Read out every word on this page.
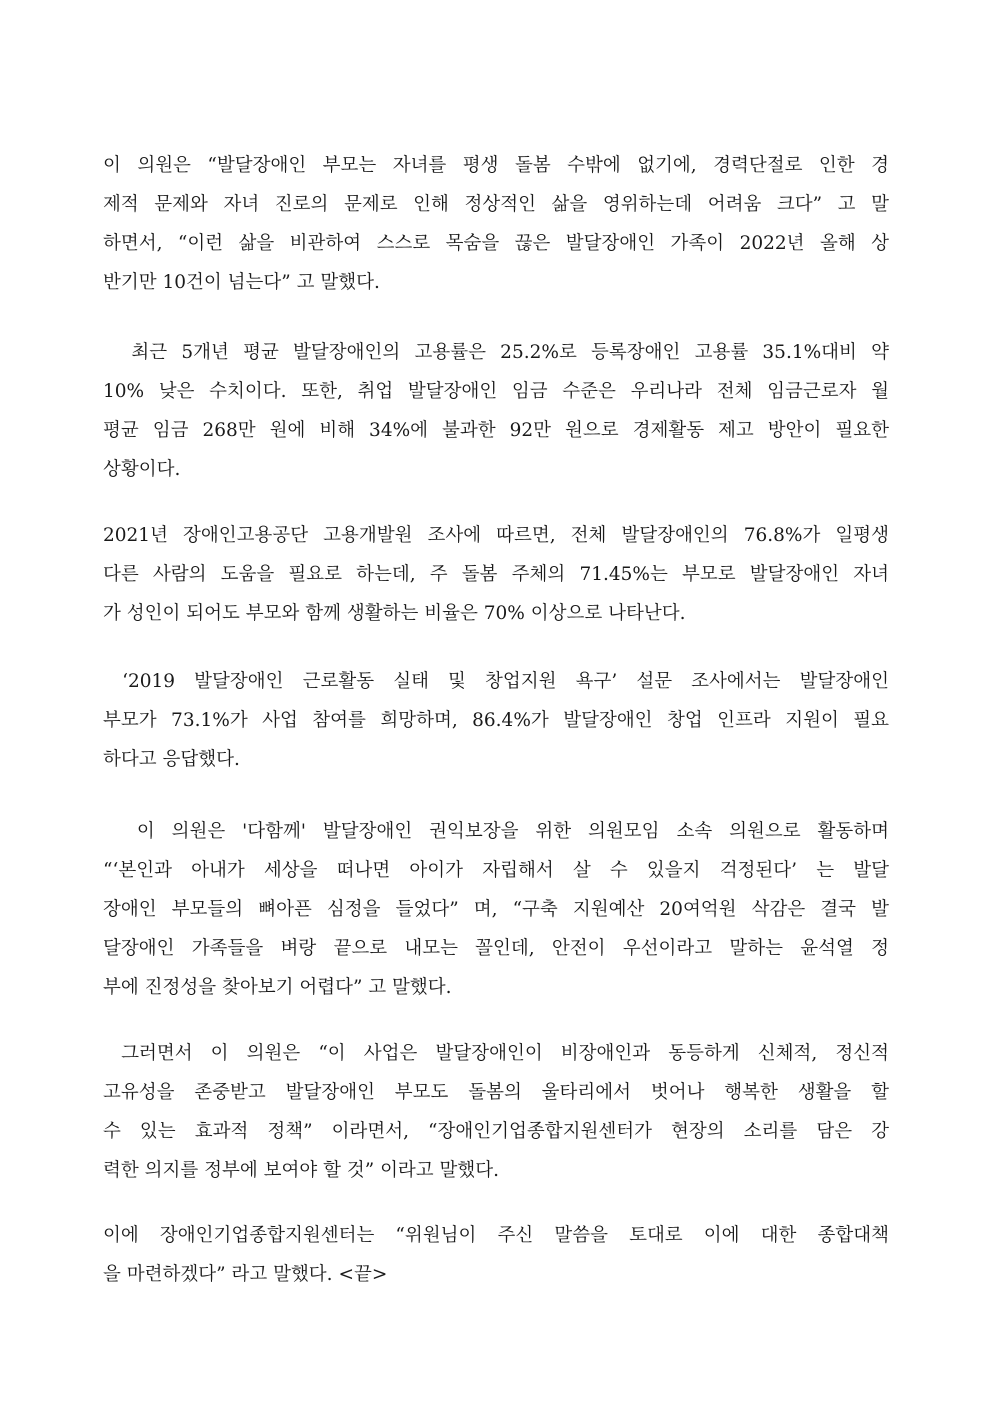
이 의원은 “발달장애인 부모는 자녀를 평생 돌봄 수밖에 없기에, 경력단절로 인한 경
제적 문제와 자녀 진로의 문제로 인해 정상적인 삶을 영위하는데 어려움 크다” 고 말
하면서, “이런 삶을 비관하여 스스로 목숨을 끊은 발달장애인 가족이 2022년 올해 상
반기만 10건이 넘는다” 고 말했다.
최근 5개년 평균 발달장애인의 고용률은 25.2%로 등록장애인 고용률 35.1%대비 약
10% 낮은 수치이다. 또한, 취업 발달장애인 임금 수준은 우리나라 전체 임금근로자 월
평균 임금 268만 원에 비해 34%에 불과한 92만 원으로 경제활동 제고 방안이 필요한
상황이다.
2021년 장애인고용공단 고용개발원 조사에 따르면, 전체 발달장애인의 76.8%가 일평생
다른 사람의 도움을 필요로 하는데, 주 돌봄 주체의 71.45%는 부모로 발달장애인 자녀
가 성인이 되어도 부모와 함께 생활하는 비율은 70% 이상으로 나타난다.
‘2019 발달장애인 근로활동 실태 및 창업지원 욕구’ 설문 조사에서는 발달장애인
부모가 73.1%가 사업 참여를 희망하며, 86.4%가 발달장애인 창업 인프라 지원이 필요
하다고 응답했다.
이 의원은 '다함께' 발달장애인 권익보장을 위한 의원모임 소속 의원으로 활동하며
“‘본인과 아내가 세상을 떠나면 아이가 자립해서 살 수 있을지 걱정된다’ 는 발달
장애인 부모들의 뼈아픈 심정을 들었다” 며, “구축 지원예산 20여억원 삭감은 결국 발
달장애인 가족들을 벼랑 끝으로 내모는 꼴인데, 안전이 우선이라고 말하는 윤석열 정
부에 진정성을 찾아보기 어렵다” 고 말했다.
그러면서 이 의원은 “이 사업은 발달장애인이 비장애인과 동등하게 신체적, 정신적
고유성을 존중받고 발달장애인 부모도 돌봄의 울타리에서 벗어나 행복한 생활을 할
수 있는 효과적 정책” 이라면서, “장애인기업종합지원센터가 현장의 소리를 담은 강
력한 의지를 정부에 보여야 할 것” 이라고 말했다.
이에 장애인기업종합지원센터는 “위원님이 주신 말씀을 토대로 이에 대한 종합대책
을 마련하겠다” 라고 말했다. <끝>
